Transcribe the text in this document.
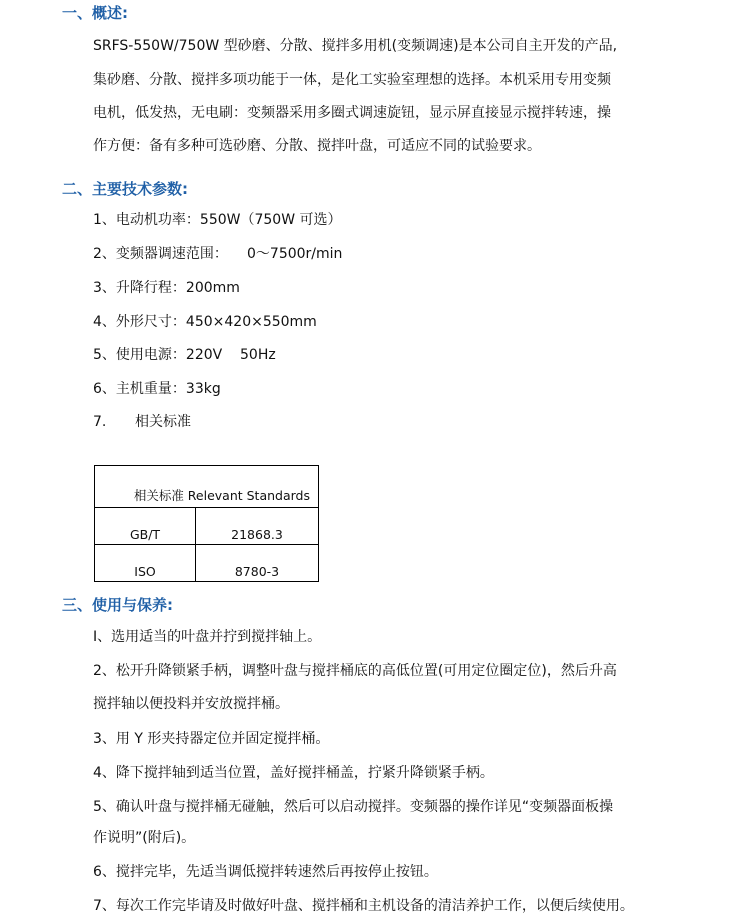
一、概述:
SRFS-550W/750W 型砂磨、分散、搅拌多用机(变频调速)是本公司自主开发的产品,
集砂磨、分散、搅拌多项功能于一体，是化工实验室理想的选择。本机采用专用变频
电机，低发热，无电刷：变频器采用多圈式调速旋钮，显示屏直接显示搅拌转速，操
作方便：备有多种可选砂磨、分散、搅拌叶盘，可适应不同的试验要求。
二、主要技术参数:
1、电动机功率：550W（750W 可选）
2、变频器调速范围： 0～7500r/min
3、升降行程：200mm
4、外形尺寸：450×420×550mm
5、使用电源：220V    50Hz
6、主机重量：33kg
7. 相关标准
相关标准 Relevant Standards	
GB/T	21868.3
ISO	8780-3
三、使用与保养:
Ⅰ、选用适当的叶盘并拧到搅拌轴上。
2、松开升降锁紧手柄，调整叶盘与搅拌桶底的高低位置(可用定位圈定位)，然后升高
搅拌轴以便投料并安放搅拌桶。
3、用 Y 形夹持器定位并固定搅拌桶。
4、降下搅拌轴到适当位置，盖好搅拌桶盖，拧紧升降锁紧手柄。
5、确认叶盘与搅拌桶无碰触，然后可以启动搅拌。变频器的操作详见“变频器面板操
作说明”(附后)。
6、搅拌完毕，先适当调低搅拌转速然后再按停止按钮。
7、每次工作完毕请及时做好叶盘、搅拌桶和主机设备的清洁养护工作，以便后续使用。
